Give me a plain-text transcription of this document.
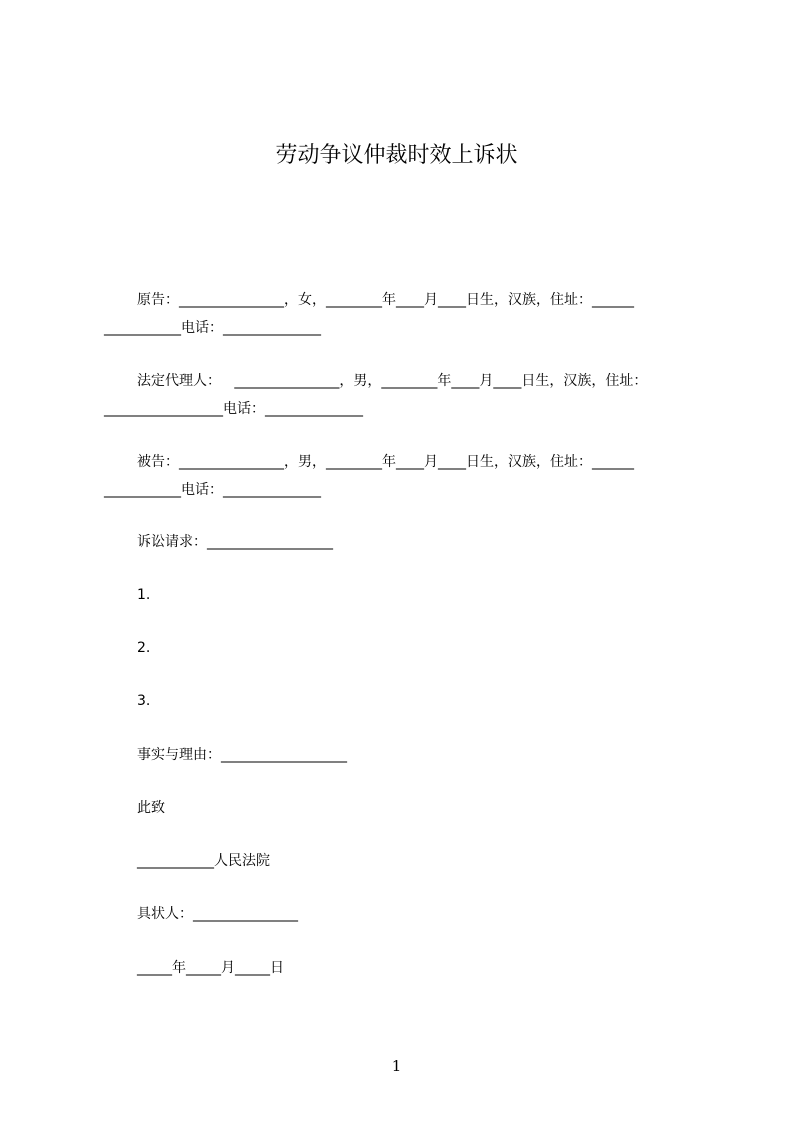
劳动争议仲裁时效上诉状

原告：_______________，女，________年____月____日生，汉族，住址：______

___________电话：______________

法定代理人：   _______________，男，________年____月____日生，汉族，住址：

_________________电话：______________

被告：_______________，男，________年____月____日生，汉族，住址：______

___________电话：______________

诉讼请求：__________________

1.

2.

3.

事实与理由：__________________

此致

___________人民法院

具状人：_______________

_____年_____月_____日

1
